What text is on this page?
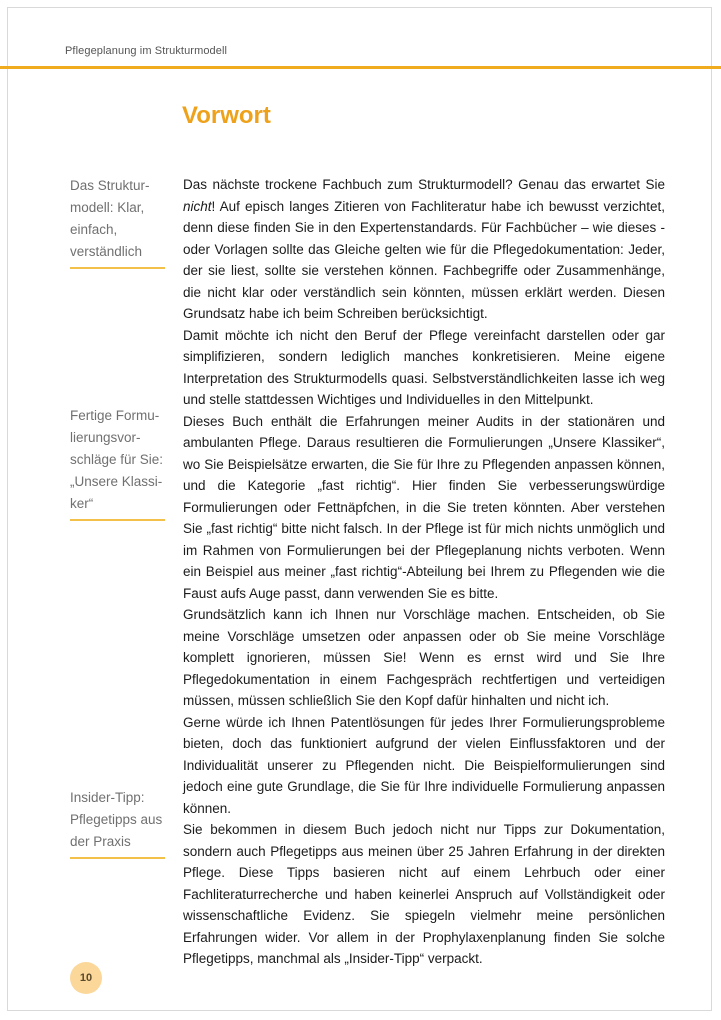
Pflegeplanung im Strukturmodell
Vorwort

Das Struktur-
modell: Klar,
einfach,
verständlich

Fertige Formu-
lierungsvor-
schläge für Sie:
„Unsere Klassi-
ker“

Insider-Tipp:
Pflegetipps aus
der Praxis

Das nächste trockene Fachbuch zum Strukturmodell? Genau das erwartet Sie nicht! Auf episch langes Zitieren von Fachliteratur habe ich bewusst verzichtet, denn diese finden Sie in den Expertenstandards. Für Fachbücher – wie dieses - oder Vorlagen sollte das Gleiche gelten wie für die Pflegedokumentation: Jeder, der sie liest, sollte sie verstehen können. Fachbegriffe oder Zusammenhänge, die nicht klar oder verständlich sein könnten, müssen erklärt werden. Diesen Grundsatz habe ich beim Schreiben berücksichtigt.

Damit möchte ich nicht den Beruf der Pflege vereinfacht darstellen oder gar simplifizieren, sondern lediglich manches konkretisieren. Meine eigene Interpretation des Strukturmodells quasi. Selbstverständlichkeiten lasse ich weg und stelle stattdessen Wichtiges und Individuelles in den Mittelpunkt.

Dieses Buch enthält die Erfahrungen meiner Audits in der stationären und ambulanten Pflege. Daraus resultieren die Formulierungen „Unsere Klassiker“, wo Sie Beispielsätze erwarten, die Sie für Ihre zu Pflegenden anpassen können, und die Kategorie „fast richtig“. Hier finden Sie verbesserungswürdige Formulierungen oder Fettnäpfchen, in die Sie treten könnten. Aber verstehen Sie „fast richtig“ bitte nicht falsch. In der Pflege ist für mich nichts unmöglich und im Rahmen von Formulierungen bei der Pflegeplanung nichts verboten. Wenn ein Beispiel aus meiner „fast richtig“-Abteilung bei Ihrem zu Pflegenden wie die Faust aufs Auge passt, dann verwenden Sie es bitte.

Grundsätzlich kann ich Ihnen nur Vorschläge machen. Entscheiden, ob Sie meine Vorschläge umsetzen oder anpassen oder ob Sie meine Vorschläge komplett ignorieren, müssen Sie! Wenn es ernst wird und Sie Ihre Pflegedokumentation in einem Fachgespräch rechtfertigen und verteidigen müssen, müssen schließlich Sie den Kopf dafür hinhalten und nicht ich.

Gerne würde ich Ihnen Patentlösungen für jedes Ihrer Formulierungsprobleme bieten, doch das funktioniert aufgrund der vielen Einflussfaktoren und der Individualität unserer zu Pflegenden nicht. Die Beispielformulierungen sind jedoch eine gute Grundlage, die Sie für Ihre individuelle Formulierung anpassen können.

Sie bekommen in diesem Buch jedoch nicht nur Tipps zur Dokumentation, sondern auch Pflegetipps aus meinen über 25 Jahren Erfahrung in der direkten Pflege. Diese Tipps basieren nicht auf einem Lehrbuch oder einer Fachliteraturrecherche und haben keinerlei Anspruch auf Vollständigkeit oder wissenschaftliche Evidenz. Sie spiegeln vielmehr meine persönlichen Erfahrungen wider. Vor allem in der Prophylaxenplanung finden Sie solche Pflegetipps, manchmal als „Insider-Tipp“ verpackt.

10
